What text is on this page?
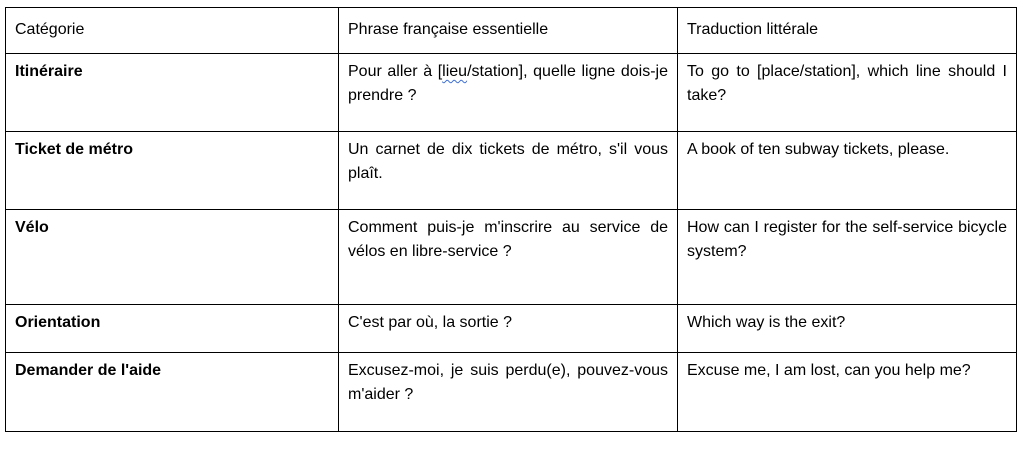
Catégorie	Phrase française essentielle	Traduction littérale
Itinéraire	Pour aller à [lieu/station], quelle ligne dois-je prendre ?	To go to [place/station], which line should I take?
Ticket de métro	Un carnet de dix tickets de métro, s'il vous plaît.	A book of ten subway tickets, please.
Vélo	Comment puis-je m'inscrire au service de vélos en libre-service ?	How can I register for the self-service bicycle system?
Orientation	C'est par où, la sortie ?	Which way is the exit?
Demander de l'aide	Excusez-moi, je suis perdu(e), pouvez-vous m'aider ?	Excuse me, I am lost, can you help me?
